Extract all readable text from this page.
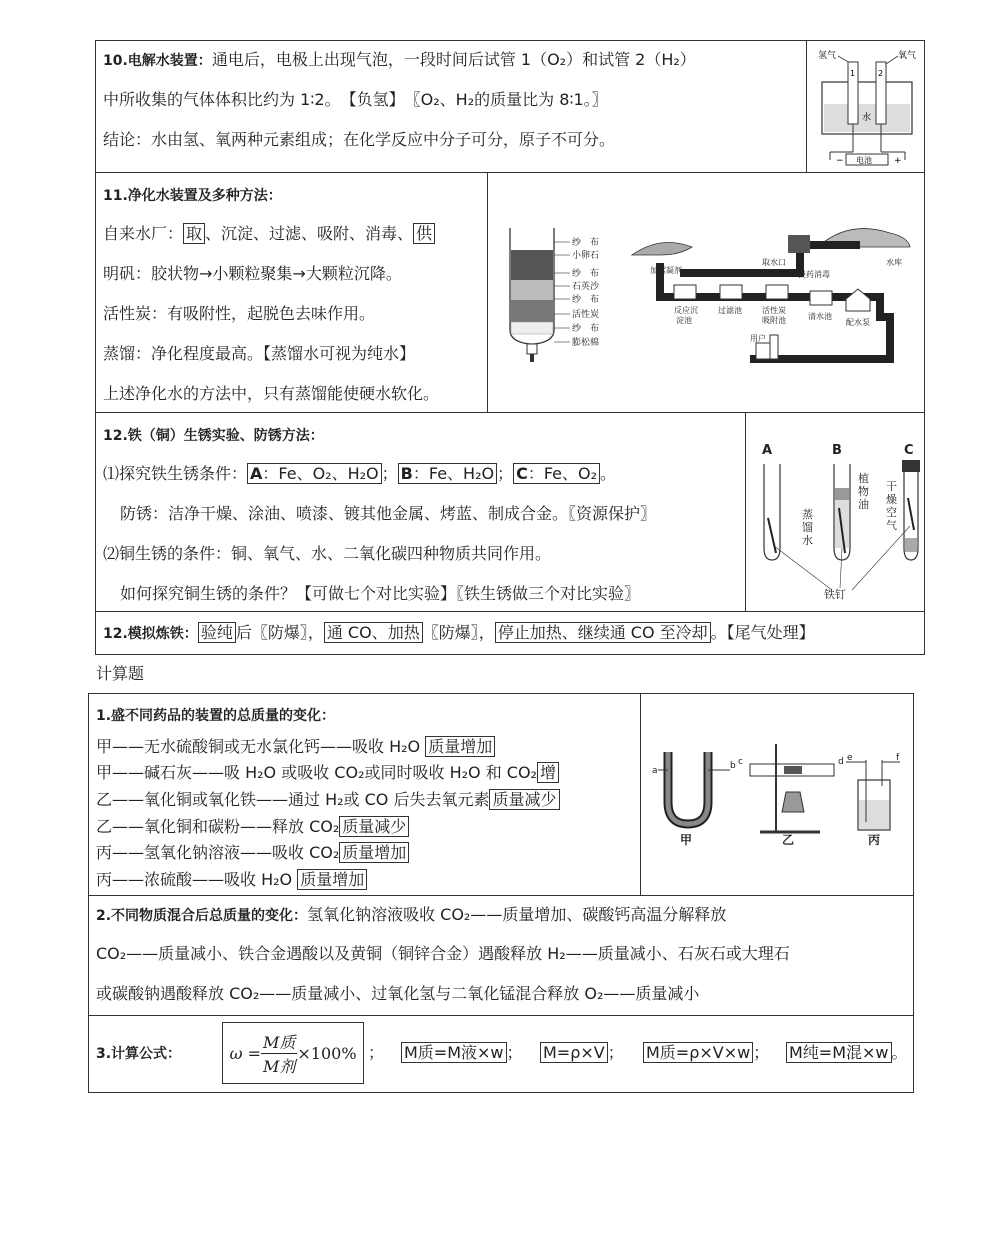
10.电解水装置：通电后，电极上出现气泡，一段时间后试管 1（O₂）和试管 2（H₂）
中所收集的气体体积比约为 1∶2。　 【负氢】　 〖O₂、H₂的质量比为 8∶1。〗
结论：水由氢、氧两种元素组成；在化学反应中分子可分，原子不可分。
氢气	氧气
1	2
水
电池
−	+
11.净化水装置及多种方法：
自来水厂： 取 、沉淀、过滤、吸附、消毒、 供
明矾：胶状物→小颗粒聚集→大颗粒沉降。
活性炭：有吸附性，起脱色去味作用。
蒸馏：净化程度最高。【蒸馏水可视为纯水】
上述净化水的方法中，只有蒸馏能使硬水软化。
纱　布
小卵石
纱　布
石英沙
纱　布
活性炭
纱　布
膨松棉
取水口	水库
加絮凝剂	投药消毒
反应沉
淀池
过滤池	活性炭
吸附池	清水池
配水泵
用户
12.铁（铜）生锈实验、防锈方法：
⑴探究铁生锈条件： A：Fe、O₂、H₂O ； B：Fe、H₂O ； C：Fe、O₂ 。
防锈：洁净干燥、涂油、喷漆、镀其他金属、烤蓝、制成合金。〖资源保护〗
⑵铜生锈的条件：铜、氧气、水、二氧化碳四种物质共同作用。
如何探究铜生锈的条件？【可做七个对比实验】〖铁生锈做三个对比实验〗
A	B	C
植
物
油
干
燥
空
气
蒸
馏
水
铁钉
12.模拟炼铁： 验纯 后〖防爆〗， 通 CO、加热 〖防爆〗， 停止加热、继续通 CO 至冷却 。【尾气处理】
计算题
1.盛不同药品的装置的总质量的变化：
甲——无水硫酸铜或无水氯化钙——吸收 H₂O 质量增加
甲——碱石灰——吸 H₂O 或吸收 CO₂或同时吸收 H₂O 和 CO₂ 增
乙——氧化铜或氧化铁——通过 H₂或 CO 后失去氧元素 质量减少
乙——氧化铜和碳粉——释放 CO₂ 质量减少
丙——氢氧化钠溶液——吸收 CO₂ 质量增加
丙——浓硫酸——吸收 H₂O 质量增加
a	b c	d e	f
甲	乙	丙
2.不同物质混合后总质量的变化：氢氧化钠溶液吸收 CO₂——质量增加、碳酸钙高温分解释放
CO₂——质量减小、铁合金遇酸以及黄铜（铜锌合金）遇酸释放 H₂——质量减小、石灰石或大理石
或碳酸钠遇酸释放 CO₂——质量减小、过氧化氢与二氧化锰混合释放 O₂——质量减小
3.计算公式：	$\omega = \frac{\text{M质}}{\text{M剂}} \times 100\%$ ； M质=M液×w ； M=ρ×V ； M质=ρ×V×w ； M纯=M混×w 。
